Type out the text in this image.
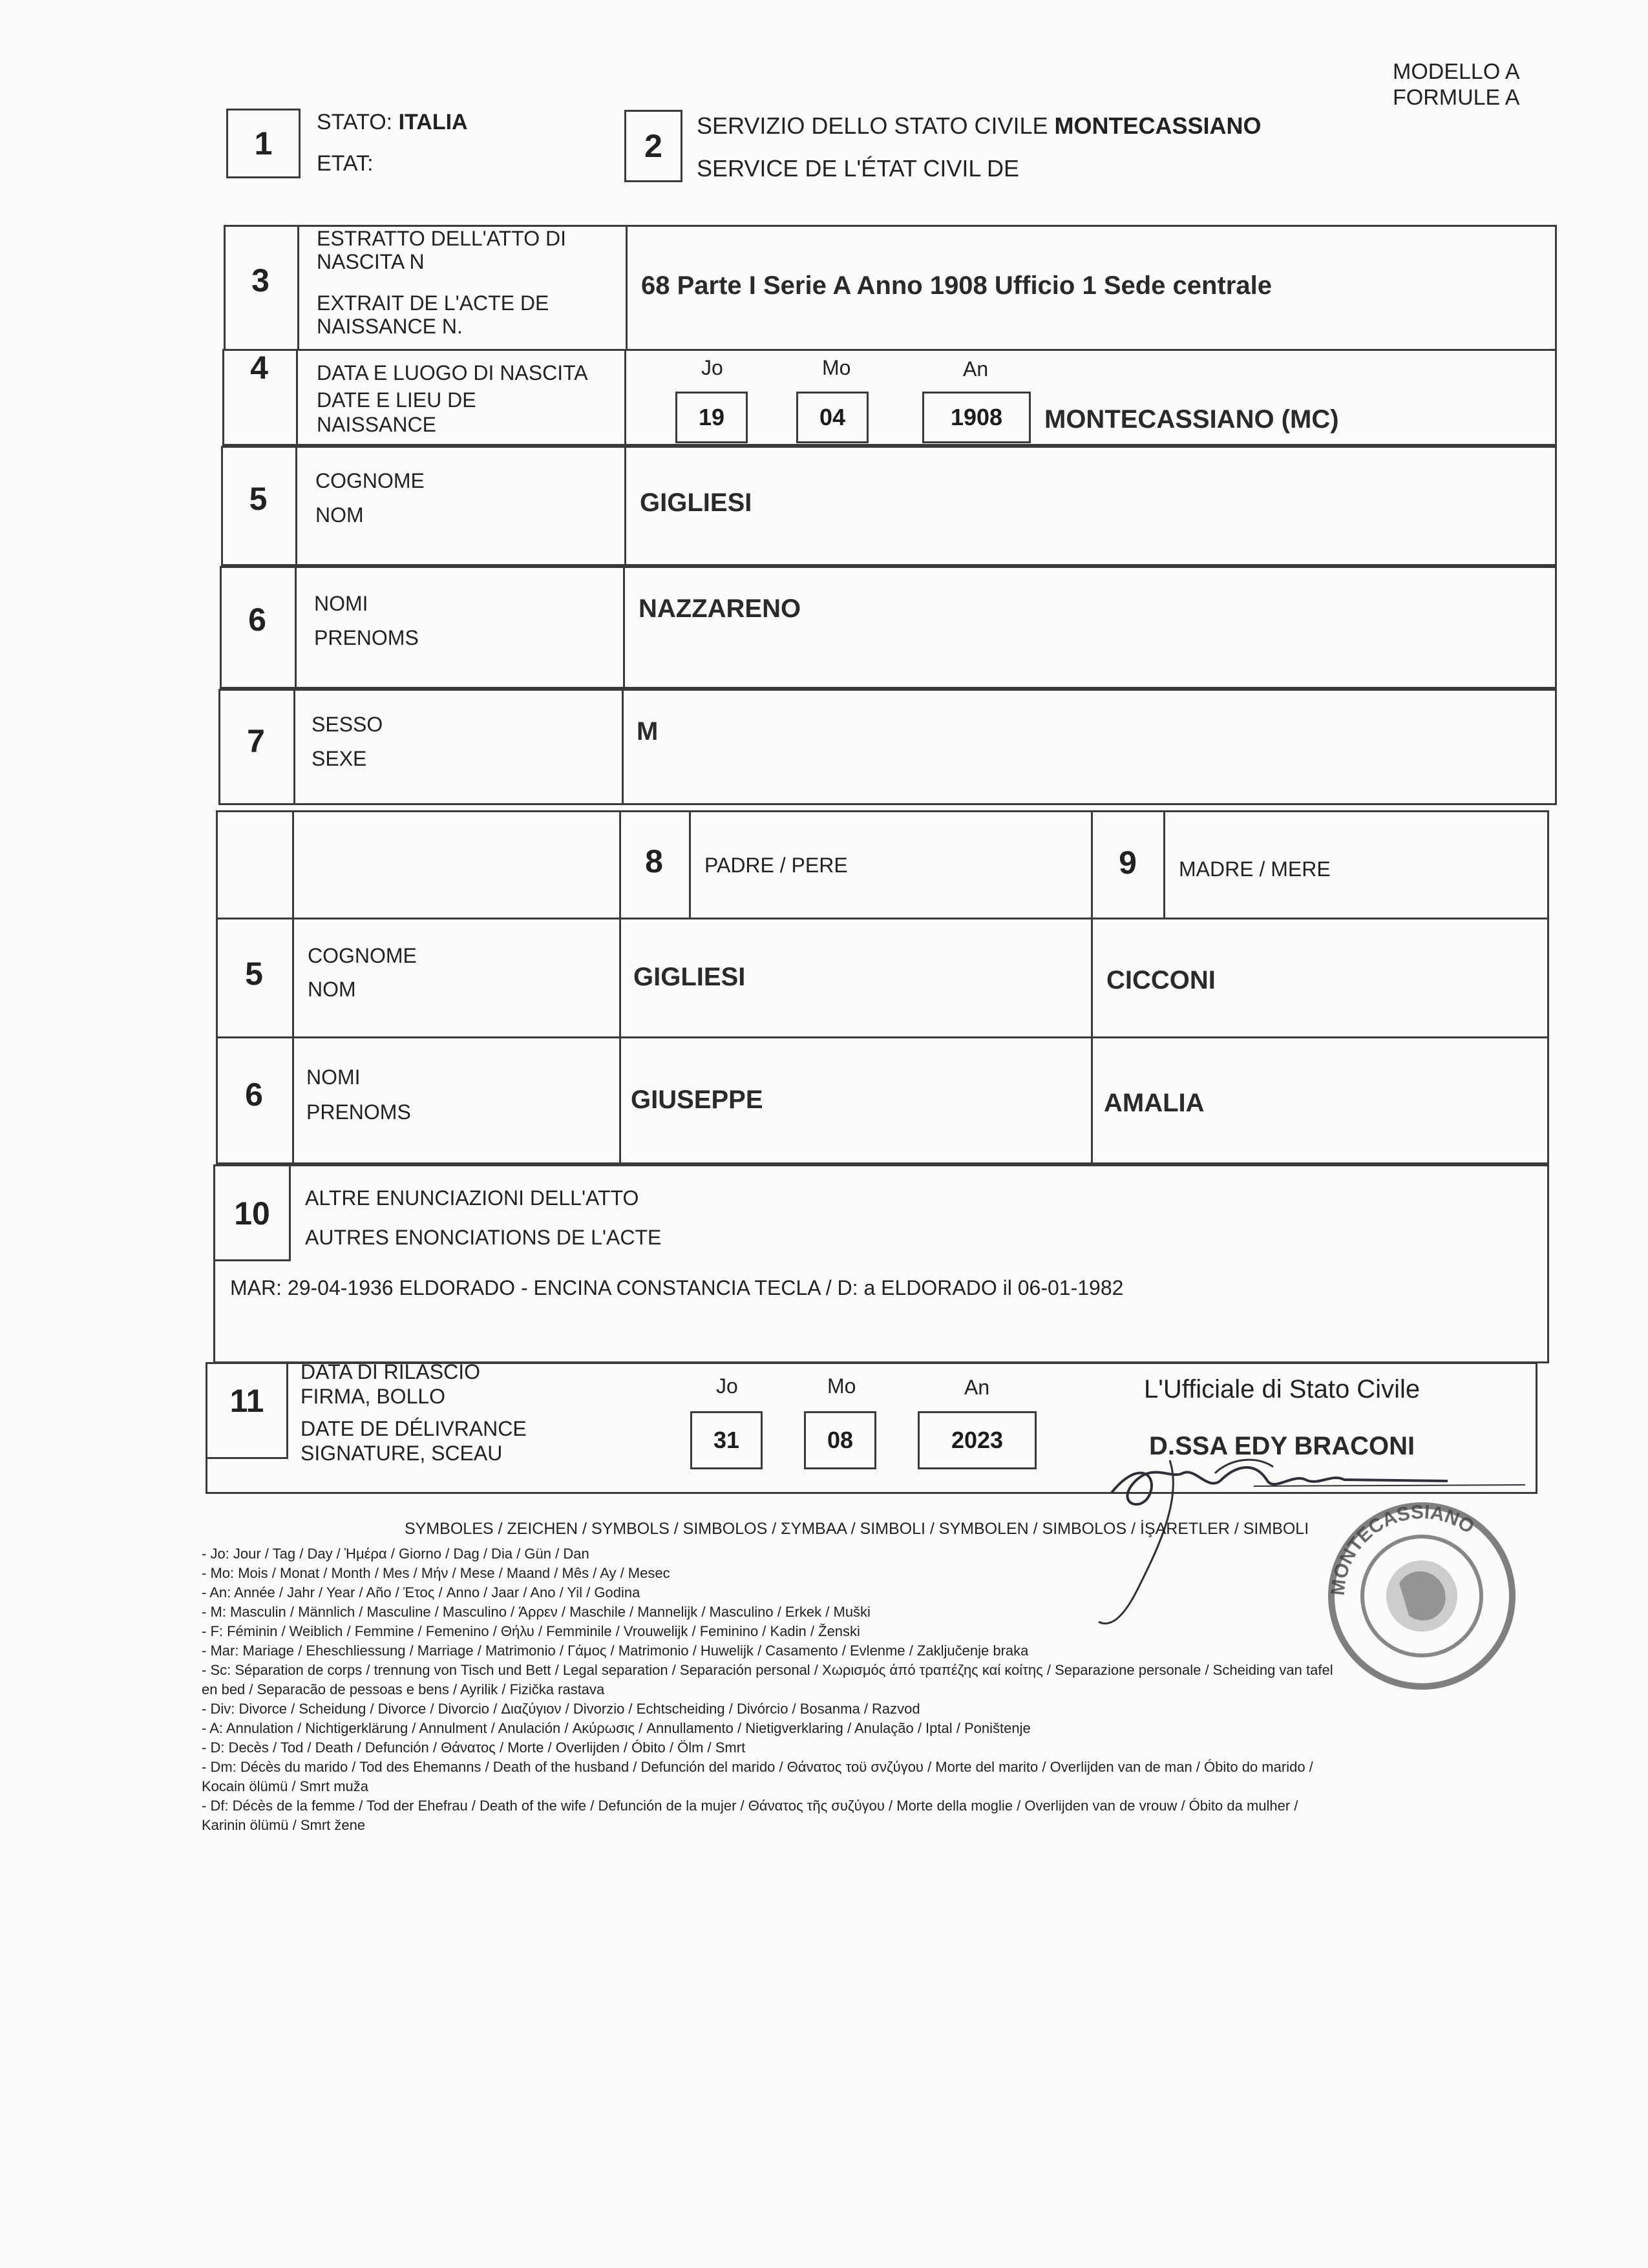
MODELLO A
FORMULE A
1
STATO: ITALIA
ETAT:	2
SERVIZIO DELLO STATO CIVILE MONTECASSIANO
SERVICE DE L'ÉTAT CIVIL DE
3
ESTRATTO DELL'ATTO DI
NASCITA N
EXTRAIT DE L'ACTE DE
NAISSANCE N.
68 Parte I Serie A Anno 1908 Ufficio 1 Sede centrale
4	DATA E LUOGO DI NASCITA
DATE E LIEU DE
NAISSANCE
Jo	Mo	An
19	04	1908	MONTECASSIANO (MC)
5	COGNOME
NOM	GIGLIESI
6	NOMI
PRENOMS
NAZZARENO
7	SESSO
SEXE
M
8	PADRE / PERE	9	MADRE / MERE
5	COGNOME
NOM	GIGLIESI	CICCONI
6	NOMI
PRENOMS	GIUSEPPE	AMALIA
10	ALTRE ENUNCIAZIONI DELL'ATTO
AUTRES ENONCIATIONS DE L'ACTE
MAR: 29-04-1936 ELDORADO - ENCINA CONSTANCIA TECLA / D: a ELDORADO il 06-01-1982
11
DATA DI RILASCIO
FIRMA, BOLLO
DATE DE DÉLIVRANCE
SIGNATURE, SCEAU
Jo	Mo	An
31	08	2023
L'Ufficiale di Stato Civile
D.SSA EDY BRACONI
MONTECASSIANO
SYMBOLES / ZEICHEN / SYMBOLS / SIMBOLOS / ΣΥΜΒΑΑ / SIMBOLI / SYMBOLEN / SIMBOLOS / İŞARETLER / SIMBOLI
- Jo: Jour / Tag / Day / Ἡμέρα / Giorno / Dag / Dia / Gün / Dan
- Mo: Mois / Monat / Month / Mes / Μήν / Mese / Maand / Mês / Ay / Mesec
- An: Année / Jahr / Year / Año / Έτος / Anno / Jaar / Ano / Yil / Godina
- M: Masculin / Männlich / Masculine / Masculino / Άρρεν / Maschile / Mannelijk / Masculino / Erkek / Muški
- F: Féminin / Weiblich / Femmine / Femenino / Θήλυ / Femminile / Vrouwelijk / Feminino / Kadin / Ženski
- Mar: Mariage / Eheschliessung / Marriage / Matrimonio / Γάμος / Matrimonio / Huwelijk / Casamento / Evlenme / Zaključenje braka
- Sc: Séparation de corps / trennung von Tisch und Bett / Legal separation / Separación personal / Χωρισμός άπό τραπέζης καί κοίτης / Separazione personale / Scheiding van tafel
en bed / Separacão de pessoas e bens / Ayrilik / Fizička rastava
- Div: Divorce / Scheidung / Divorce / Divorcio / Διαζύγιον / Divorzio / Echtscheiding / Divórcio / Bosanma / Razvod
- A: Annulation / Nichtigerklärung / Annulment / Anulación / Ακύρωσις / Annullamento / Nietigverklaring / Anulação / Iptal / Poništenje
- D: Decès / Tod / Death / Defunción / Θάνατος / Morte / Overlijden / Óbito / Ölm / Smrt
- Dm: Décès du marido / Tod des Ehemanns / Death of the husband / Defunción del marido / Θάνατος τοϋ σνζύγου / Morte del marito / Overlijden van de man / Óbito do marido /
Kocain ölümü / Smrt muža
- Df: Décès de la femme / Tod der Ehefrau / Death of the wife / Defunción de la mujer / Θάνατος τῆς συζύγου / Morte della moglie / Overlijden van de vrouw / Óbito da mulher /
Karinin ölümü / Smrt žene
